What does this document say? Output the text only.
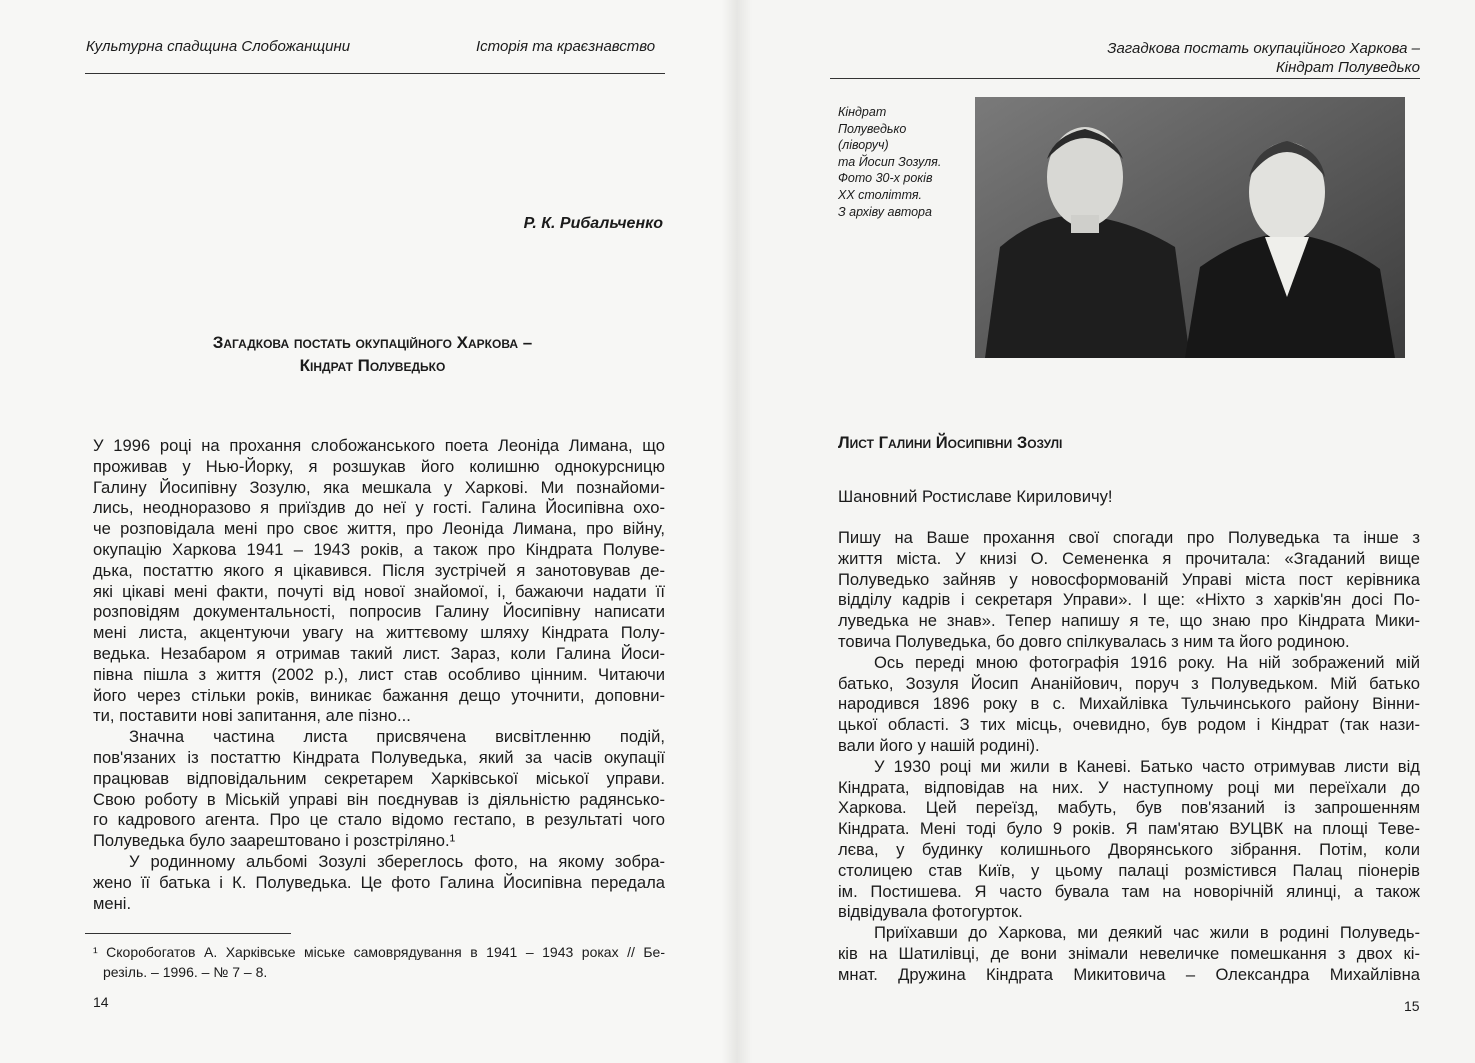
Культурна спадщина Слобожанщини	Історія та краєзнавство
Р. К. Рибальченко
Загадкова постать окупаційного Харкова –
Кіндрат Полуведько
У 1996 році на прохання слобожанського поета Леоніда Лимана, що
проживав у Нью-Йорку, я розшукав його колишню однокурсницю
Галину Йосипівну Зозулю, яка мешкала у Харкові. Ми познайоми-
лись, неодноразово я приїздив до неї у гості. Галина Йосипівна охо-
че розповідала мені про своє життя, про Леоніда Лимана, про війну,
окупацію Харкова 1941 – 1943 років, а також про Кіндрата Полуве-
дька, постаттю якого я цікавився. Після зустрічей я занотовував де-
які цікаві мені факти, почуті від нової знайомої, і, бажаючи надати її
розповідям документальності, попросив Галину Йосипівну написати
мені листа, акцентуючи увагу на життєвому шляху Кіндрата Полу-
ведька. Незабаром я отримав такий лист. Зараз, коли Галина Йоси-
півна пішла з життя (2002 р.), лист став особливо цінним. Читаючи
його через стільки років, виникає бажання дещо уточнити, доповни-
ти, поставити нові запитання, але пізно...
Значна частина листа присвячена висвітленню подій,
пов'язаних із постаттю Кіндрата Полуведька, який за часів окупації
працював відповідальним секретарем Харківської міської управи.
Свою роботу в Міській управі він поєднував із діяльністю радянсько-
го кадрового агента. Про це стало відомо гестапо, в результаті чого
Полуведька було заарештовано і розстріляно.¹
У родинному альбомі Зозулі збереглось фото, на якому зобра-
жено її батька і К. Полуведька. Це фото Галина Йосипівна передала
мені.
¹ Скоробогатов А. Харківське міське самоврядування в 1941 – 1943 роках // Бе-
резіль. – 1996. – № 7 – 8.
14
Загадкова постать окупаційного Харкова –
Кіндрат Полуведько
Кіндрат
Полуведько
(ліворуч)
та Йосип Зозуля.
Фото 30-х років
XX століття.
З архіву автора
Лист Галини Йосипівни Зозулі
Шановний Ростиславе Кириловичу!
Пишу на Ваше прохання свої спогади про Полуведька та інше з
життя міста. У книзі О. Семененка я прочитала: «Згаданий вище
Полуведько зайняв у новосформованій Управі міста пост керівника
відділу кадрів і секретаря Управи». І ще: «Ніхто з харків'ян досі По-
луведька не знав». Тепер напишу я те, що знаю про Кіндрата Мики-
товича Полуведька, бо довго спілкувалась з ним та його родиною.
Ось переді мною фотографія 1916 року. На ній зображений мій
батько, Зозуля Йосип Ананійович, поруч з Полуведьком. Мій батько
народився 1896 року в с. Михайлівка Тульчинського району Вінни-
цької області. З тих місць, очевидно, був родом і Кіндрат (так нази-
вали його у нашій родині).
У 1930 році ми жили в Каневі. Батько часто отримував листи від
Кіндрата, відповідав на них. У наступному році ми переїхали до
Харкова. Цей переїзд, мабуть, був пов'язаний із запрошенням
Кіндрата. Мені тоді було 9 років. Я пам'ятаю ВУЦВК на площі Теве-
лєва, у будинку колишнього Дворянського зібрання. Потім, коли
столицею став Київ, у цьому палаці розмістився Палац піонерів
ім. Постишева. Я часто бувала там на новорічній ялинці, а також
відвідувала фотогурток.
Приїхавши до Харкова, ми деякий час жили в родині Полуведь-
ків на Шатилівці, де вони знімали невеличке помешкання з двох кі-
мнат. Дружина Кіндрата Микитовича – Олександра Михайлівна
15
